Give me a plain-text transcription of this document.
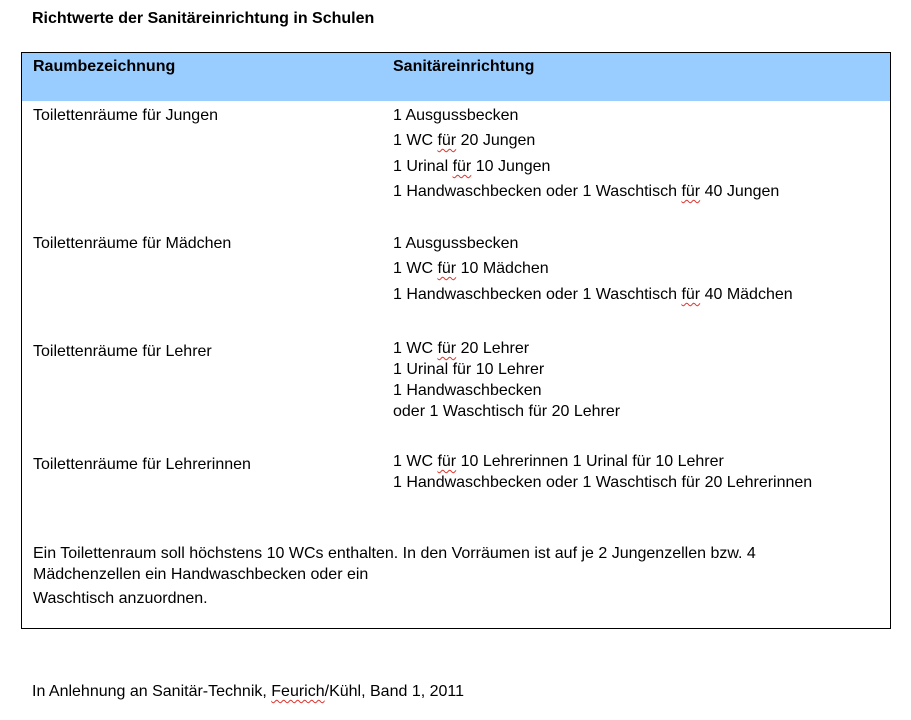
Richtwerte der Sanitäreinrichtung in Schulen
Raumbezeichnung	Sanitäreinrichtung
Toilettenräume für Jungen	1 Ausgussbecken
1 WC für 20 Jungen
1 Urinal für 10 Jungen
1 Handwaschbecken oder 1 Waschtisch für 40 Jungen
Toilettenräume für Mädchen	1 Ausgussbecken
1 WC für 10 Mädchen
1 Handwaschbecken oder 1 Waschtisch für 40 Mädchen
Toilettenräume für Lehrer	1 WC für 20 Lehrer
1 Urinal für 10 Lehrer
1 Handwaschbecken
oder 1 Waschtisch für 20 Lehrer
Toilettenräume für Lehrerinnen	1 WC für 10 Lehrerinnen 1 Urinal für 10 Lehrer
1 Handwaschbecken oder 1 Waschtisch für 20 Lehrerinnen
Ein Toilettenraum soll höchstens 10 WCs enthalten. In den Vorräumen ist auf je 2 Jungenzellen bzw. 4
Mädchenzellen ein Handwaschbecken oder ein
Waschtisch anzuordnen.
In Anlehnung an Sanitär-Technik, Feurich/Kühl, Band 1, 2011
